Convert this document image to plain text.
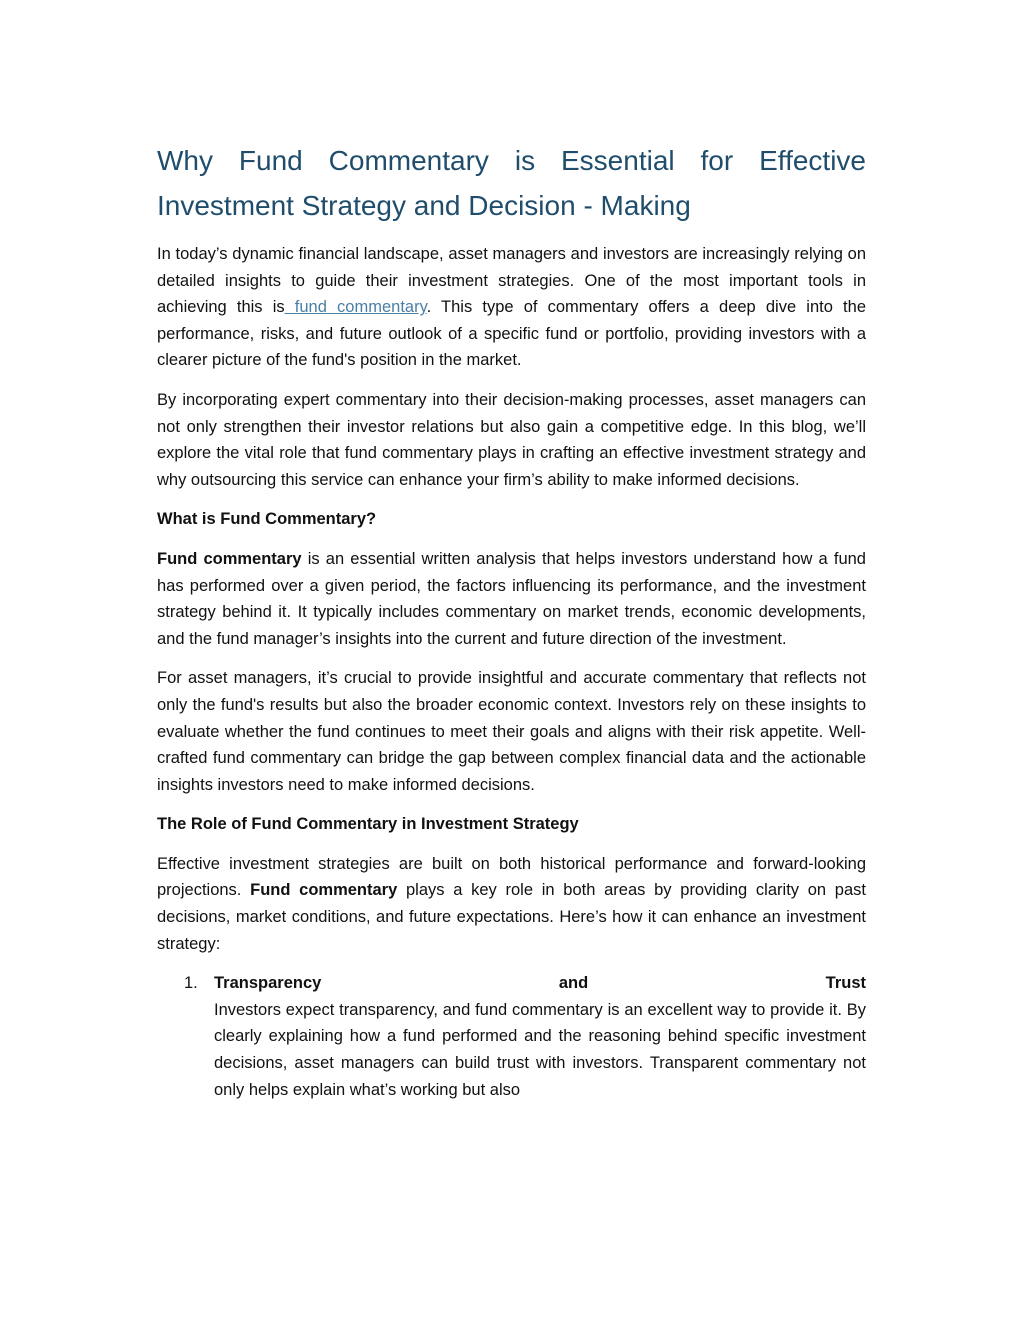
Why Fund Commentary is Essential for Effective Investment Strategy and Decision - Making

In today’s dynamic financial landscape, asset managers and investors are increasingly relying on detailed insights to guide their investment strategies. One of the most important tools in achieving this is fund commentary. This type of commentary offers a deep dive into the performance, risks, and future outlook of a specific fund or portfolio, providing investors with a clearer picture of the fund's position in the market.

By incorporating expert commentary into their decision-making processes, asset managers can not only strengthen their investor relations but also gain a competitive edge. In this blog, we’ll explore the vital role that fund commentary plays in crafting an effective investment strategy and why outsourcing this service can enhance your firm’s ability to make informed decisions.

What is Fund Commentary?

Fund commentary is an essential written analysis that helps investors understand how a fund has performed over a given period, the factors influencing its performance, and the investment strategy behind it. It typically includes commentary on market trends, economic developments, and the fund manager’s insights into the current and future direction of the investment.

For asset managers, it’s crucial to provide insightful and accurate commentary that reflects not only the fund's results but also the broader economic context. Investors rely on these insights to evaluate whether the fund continues to meet their goals and aligns with their risk appetite. Well-crafted fund commentary can bridge the gap between complex financial data and the actionable insights investors need to make informed decisions.

The Role of Fund Commentary in Investment Strategy

Effective investment strategies are built on both historical performance and forward-looking projections. Fund commentary plays a key role in both areas by providing clarity on past decisions, market conditions, and future expectations. Here’s how it can enhance an investment strategy:

1. Transparency	and	Trust
Investors expect transparency, and fund commentary is an excellent way to provide it. By clearly explaining how a fund performed and the reasoning behind specific investment decisions, asset managers can build trust with investors. Transparent commentary not only helps explain what’s working but also
